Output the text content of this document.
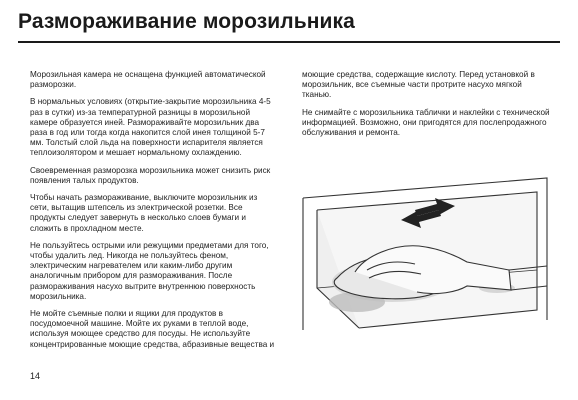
Размораживание морозильника

Морозильная камера не оснащена функцией автоматической разморозки.

В нормальных условиях (открытие-закрытие морозильника 4-5 раз в сутки) из-за температурной разницы в морозильной камере образуется иней. Размораживайте морозильник два раза в год или тогда когда накопится слой инея толщиной 5-7 мм. Толстый слой льда на поверхности испарителя является теплоизолятором и мешает нормальному охлаждению.

Своевременная разморозка морозильника может снизить риск появления талых продуктов.

Чтобы начать размораживание, выключите морозильник из сети, вытащив штепсель из электрической розетки. Все продукты следует завернуть в несколько слоев бумаги и сложить в прохладном месте.

Не пользуйтесь острыми или режущими предметами для того, чтобы удалить лед. Никогда не пользуйтесь феном, электрическим нагревателем или каким-либо другим аналогичным прибором для размораживания. После размораживания насухо вытрите внутреннюю поверхность морозильника.

Не мойте съемные полки и ящики для продуктов в посудомоечной машине. Мойте их руками в теплой воде, используя моющее средство для посуды. Не используйте концентрированные моющие средства, абразивные вещества и

моющие средства, содержащие кислоту. Перед установкой в морозильник, все съемные части протрите насухо мягкой тканью.

Не снимайте с морозильника таблички и наклейки с технической информацией. Возможно, они пригодятся для послепродажного обслуживания и ремонта.

14
